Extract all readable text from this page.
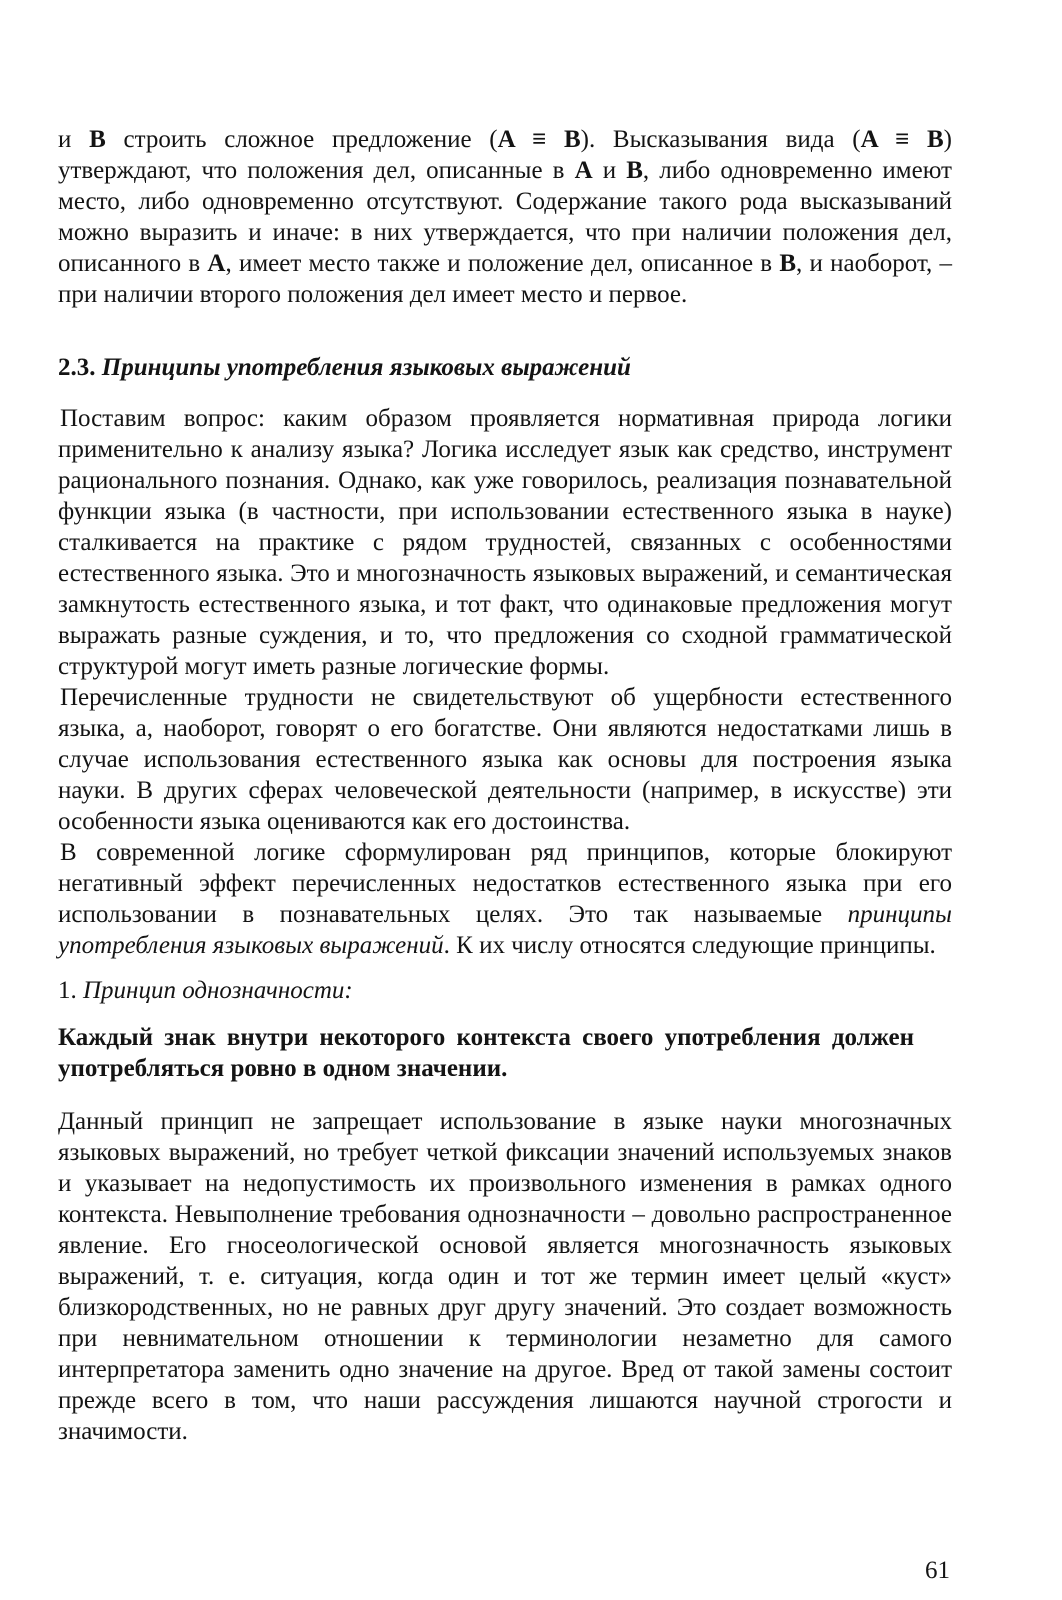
и B строить сложное предложение (A ≡ B). Высказывания вида (A ≡ B) утверждают, что положения дел, описанные в A и B, либо одновременно имеют место, либо одновременно отсутствуют. Содержание такого рода высказываний можно выразить и иначе: в них утверждается, что при наличии положения дел, описанного в A, имеет место также и положение дел, описанное в B, и наоборот, – при наличии второго положения дел имеет место и первое.

2.3. Принципы употребления языковых выражений

Поставим вопрос: каким образом проявляется нормативная природа логики применительно к анализу языка? Логика исследует язык как средство, инструмент рационального познания. Однако, как уже говорилось, реализация познавательной функции языка (в частности, при использовании естественного языка в науке) сталкивается на практике с рядом трудностей, связанных с особенностями естественного языка. Это и многозначность языковых выражений, и семантическая замкнутость естественного языка, и тот факт, что одинаковые предложения могут выражать разные суждения, и то, что предложения со сходной грамматической структурой могут иметь разные логические формы.

Перечисленные трудности не свидетельствуют об ущербности естественного языка, а, наоборот, говорят о его богатстве. Они являются недостатками лишь в случае использования естественного языка как основы для построения языка науки. В других сферах человеческой деятельности (например, в искусстве) эти особенности языка оцениваются как его достоинства.

В современной логике сформулирован ряд принципов, которые блокируют негативный эффект перечисленных недостатков естественного языка при его использовании в познавательных целях. Это так называемые принципы употребления языковых выражений. К их числу относятся следующие принципы.

1. Принцип однозначности:

Каждый знак внутри некоторого контекста своего употребления должен употребляться ровно в одном значении.

Данный принцип не запрещает использование в языке науки многозначных языковых выражений, но требует четкой фиксации значений используемых знаков и указывает на недопустимость их произвольного изменения в рамках одного контекста. Невыполнение требования однозначности – довольно распространенное явление. Его гносеологической основой является многозначность языковых выражений, т. е. ситуация, когда один и тот же термин имеет целый «куст» близкородственных, но не равных друг другу значений. Это создает возможность при невнимательном отношении к терминологии незаметно для самого интерпретатора заменить одно значение на другое. Вред от такой замены состоит прежде всего в том, что наши рассуждения лишаются научной строгости и значимости.

61
